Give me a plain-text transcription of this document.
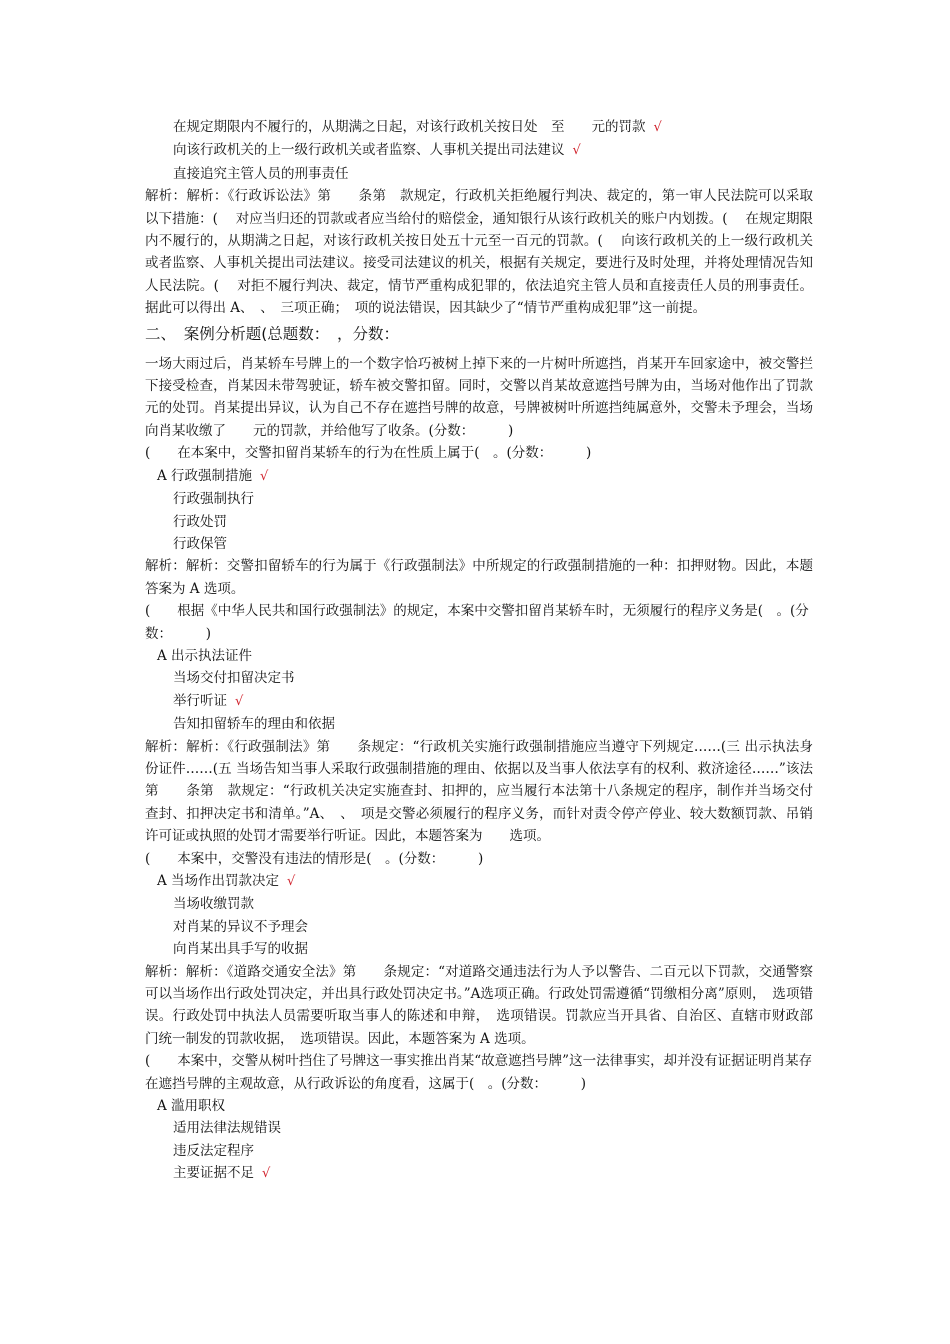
在规定期限内不履行的，从期满之日起，对该行政机关按日处　至　　元的罚款 √
向该行政机关的上一级行政机关或者监察、人事机关提出司法建议 √
直接追究主管人员的刑事责任
解析：解析：《行政诉讼法》第　　条第　款规定，行政机关拒绝履行判决、裁定的，第一审人民法院可以采取以下措施：(　 对应当归还的罚款或者应当给付的赔偿金，通知银行从该行政机关的账户内划拨。(　 在规定期限内不履行的，从期满之日起，对该行政机关按日处五十元至一百元的罚款。(　 向该行政机关的上一级行政机关或者监察、人事机关提出司法建议。接受司法建议的机关，根据有关规定，要进行及时处理，并将处理情况告知人民法院。(　 对拒不履行判决、裁定，情节严重构成犯罪的，依法追究主管人员和直接责任人员的刑事责任。据此可以得出 A、　、　三项正确；　项的说法错误，因其缺少了“情节严重构成犯罪”这一前提。
二、　案例分析题(总题数：　，分数：
一场大雨过后，肖某轿车号牌上的一个数字恰巧被树上掉下来的一片树叶所遮挡，肖某开车回家途中，被交警拦下接受检查，肖某因未带驾驶证，轿车被交警扣留。同时，交警以肖某故意遮挡号牌为由，当场对他作出了罚款　　元的处罚。肖某提出异议，认为自己不存在遮挡号牌的故意，号牌被树叶所遮挡纯属意外，交警未予理会，当场向肖某收缴了　　元的罚款，并给他写了收条。(分数：　　　)
(　　在本案中，交警扣留肖某轿车的行为在性质上属于(　。(分数：　　　)
A 行政强制措施 √
行政强制执行
行政处罚
行政保管
解析：解析：交警扣留轿车的行为属于《行政强制法》中所规定的行政强制措施的一种：扣押财物。因此，本题答案为 A 选项。
(　　根据《中华人民共和国行政强制法》的规定，本案中交警扣留肖某轿车时，无须履行的程序义务是(　。(分数：　　　)
A 出示执法证件
当场交付扣留决定书
举行听证 √
告知扣留轿车的理由和依据
解析：解析：《行政强制法》第　　条规定：“行政机关实施行政强制措施应当遵守下列规定……(三 出示执法身份证件……(五 当场告知当事人采取行政强制措施的理由、依据以及当事人依法享有的权利、救济途径……”该法第　　条第　款规定：“行政机关决定实施查封、扣押的，应当履行本法第十八条规定的程序，制作并当场交付查封、扣押决定书和清单。”A、　、　项是交警必须履行的程序义务，而针对责令停产停业、较大数额罚款、吊销许可证或执照的处罚才需要举行听证。因此，本题答案为　　选项。
(　　本案中，交警没有违法的情形是(　。(分数：　　　)
A 当场作出罚款决定 √
当场收缴罚款
对肖某的异议不予理会
向肖某出具手写的收据
解析：解析：《道路交通安全法》第　　条规定：“对道路交通违法行为人予以警告、二百元以下罚款，交通警察可以当场作出行政处罚决定，并出具行政处罚决定书。”A选项正确。行政处罚需遵循“罚缴相分离”原则，　选项错误。行政处罚中执法人员需要听取当事人的陈述和申辩，　选项错误。罚款应当开具省、自治区、直辖市财政部门统一制发的罚款收据，　选项错误。因此，本题答案为 A 选项。
(　　本案中，交警从树叶挡住了号牌这一事实推出肖某“故意遮挡号牌”这一法律事实，却并没有证据证明肖某存在遮挡号牌的主观故意，从行政诉讼的角度看，这属于(　。(分数：　　　)
A 滥用职权
适用法律法规错误
违反法定程序
主要证据不足 √
